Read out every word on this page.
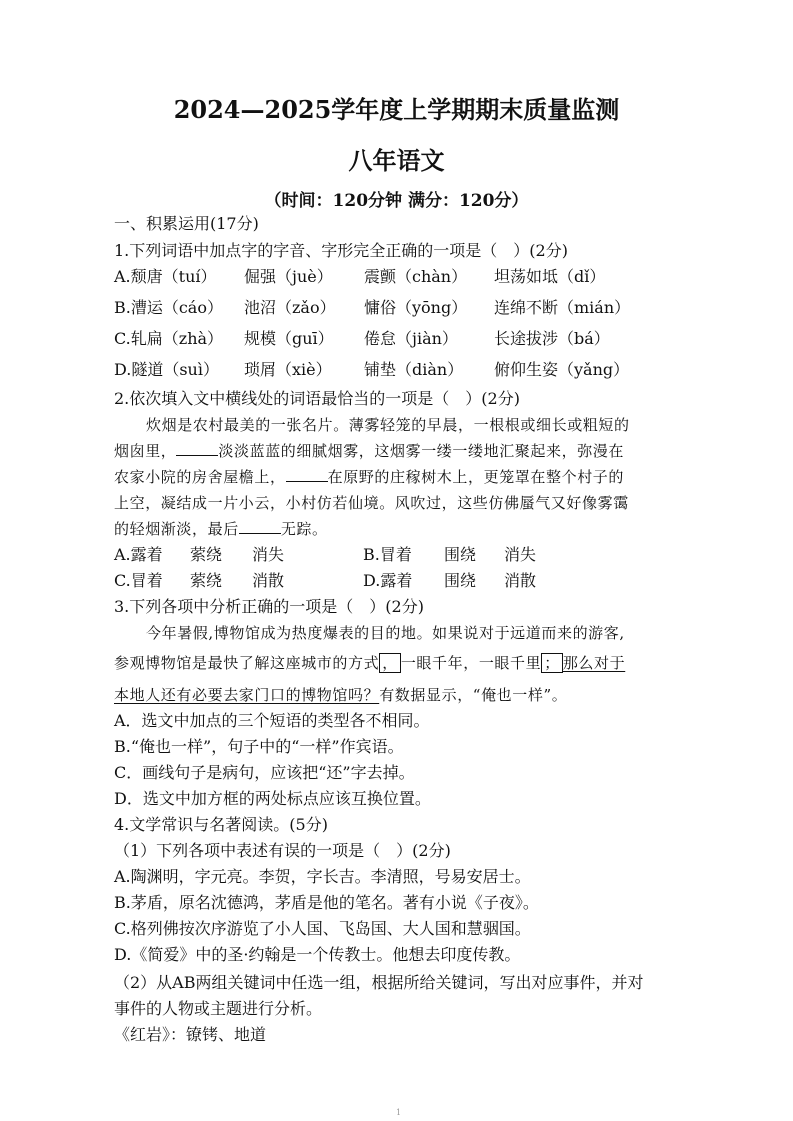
2024—2025学年度上学期期末质量监测
八年语文
（时间：120分钟 满分：120分）
一、积累运用(17分)
1.下列词语中加点字的字音、字形完全正确的一项是（　）(2分)
A.颓唐（tuí） 倔强（juè） 震颤（chàn） 坦荡如坻（dǐ）
B.漕运（cáo） 池沼（zǎo） 慵俗（yōng） 连绵不断（mián）
C.轧扁（zhà） 规模（guī） 倦怠（jiàn） 长途拔涉（bá）
D.隧道（suì） 琐屑（xiè） 铺垫（diàn） 俯仰生姿（yǎng）
2.依次填入文中横线处的词语最恰当的一项是（　）(2分)
炊烟是农村最美的一张名片。薄雾轻笼的早晨，一根根或细长或粗短的
烟囱里，	淡淡蓝蓝的细腻烟雾，这烟雾一缕一缕地汇聚起来，弥漫在
农家小院的房舍屋檐上，	在原野的庄稼树木上，更笼罩在整个村子的
上空，凝结成一片小云，小村仿若仙境。风吹过，这些仿佛蜃气又好像雾霭
的轻烟渐淡，最后	无踪。
A.露着 萦绕 消失	B.冒着 围绕 消失
C.冒着 萦绕 消散	D.露着 围绕 消散
3.下列各项中分析正确的一项是（　）(2分)
今年暑假,博物馆成为热度爆表的目的地。如果说对于远道而来的游客,
参观博物馆是最快了解这座城市的方式 ， 一眼千年，一眼千里 ； 那么对于
本地人还有必要去家门口的博物馆吗？有数据显示，“俺也一样”。
A．选文中加点的三个短语的类型各不相同。
B.“俺也一样”，句子中的“一样”作宾语。
C．画线句子是病句，应该把“还”字去掉。
D．选文中加方框的两处标点应该互换位置。
4.文学常识与名著阅读。(5分)
（1）下列各项中表述有误的一项是（　）(2分)
A.陶渊明，字元亮。李贺，字长吉。李清照，号易安居士。
B.茅盾，原名沈德鸿，茅盾是他的笔名。著有小说《子夜》。
C.格列佛按次序游览了小人国、飞岛国、大人国和慧骃国。
D.《简爱》中的圣·约翰是一个传教士。他想去印度传教。
（2）从AB两组关键词中任选一组，根据所给关键词，写出对应事件，并对
事件的人物或主题进行分析。
《红岩》：镣铐、地道
1
